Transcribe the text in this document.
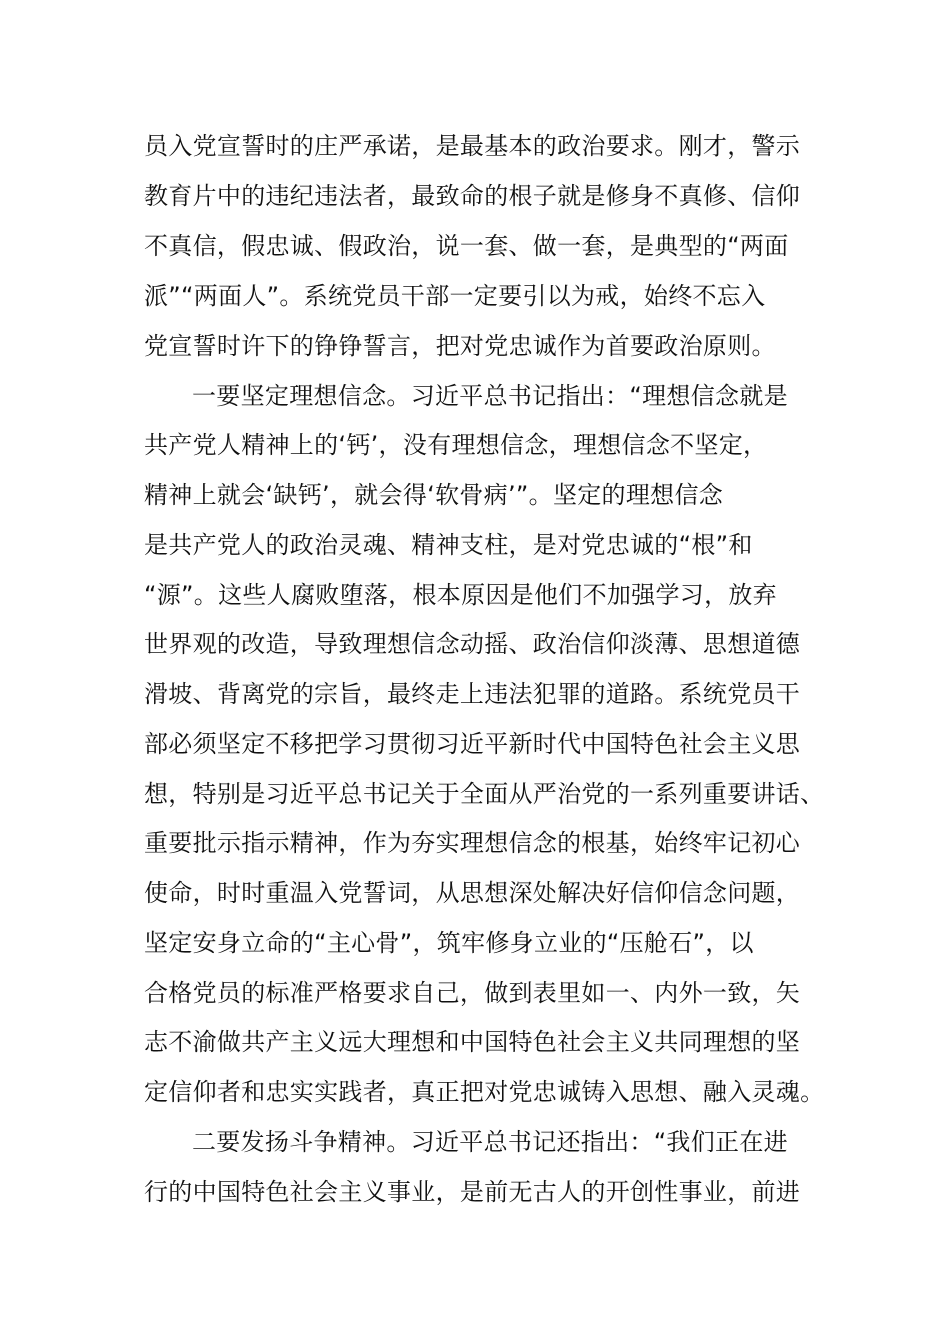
员入党宣誓时的庄严承诺，是最基本的政治要求。刚才，警示
教育片中的违纪违法者，最致命的根子就是修身不真修、信仰
不真信，假忠诚、假政治，说一套、做一套，是典型的“两面
派”“两面人”。系统党员干部一定要引以为戒，始终不忘入
党宣誓时许下的铮铮誓言，把对党忠诚作为首要政治原则。
一要坚定理想信念。习近平总书记指出：“理想信念就是
共产党人精神上的‘钙’，没有理想信念，理想信念不坚定，
精神上就会‘缺钙’，就会得‘软骨病’”。坚定的理想信念
是共产党人的政治灵魂、精神支柱，是对党忠诚的“根”和
“源”。这些人腐败堕落，根本原因是他们不加强学习，放弃
世界观的改造，导致理想信念动摇、政治信仰淡薄、思想道德
滑坡、背离党的宗旨，最终走上违法犯罪的道路。系统党员干
部必须坚定不移把学习贯彻习近平新时代中国特色社会主义思
想，特别是习近平总书记关于全面从严治党的一系列重要讲话、
重要批示指示精神，作为夯实理想信念的根基，始终牢记初心
使命，时时重温入党誓词，从思想深处解决好信仰信念问题，
坚定安身立命的“主心骨”，筑牢修身立业的“压舱石”，以
合格党员的标准严格要求自己，做到表里如一、内外一致，矢
志不渝做共产主义远大理想和中国特色社会主义共同理想的坚
定信仰者和忠实实践者，真正把对党忠诚铸入思想、融入灵魂。
二要发扬斗争精神。习近平总书记还指出：“我们正在进
行的中国特色社会主义事业，是前无古人的开创性事业，前进
